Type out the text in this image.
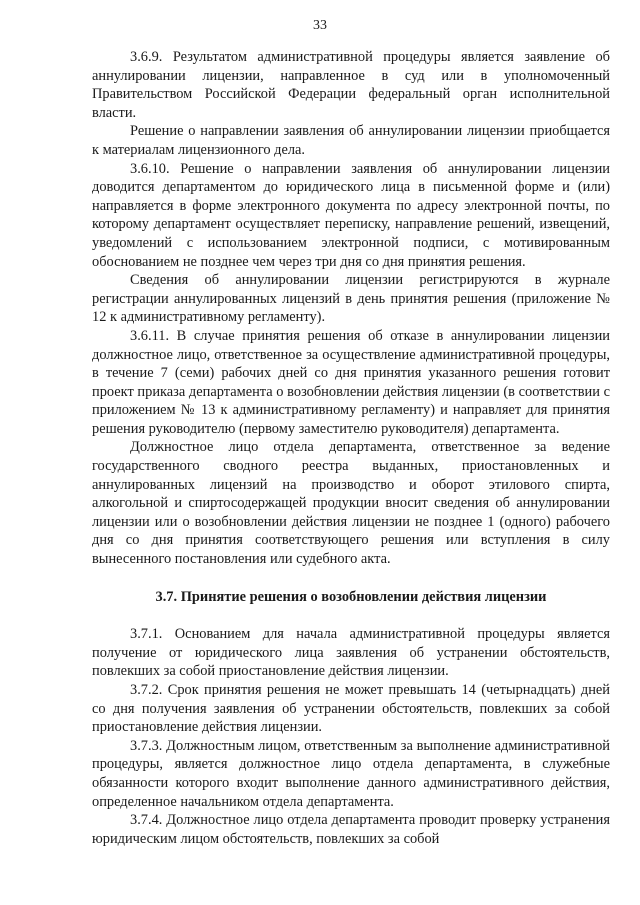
33

3.6.9. Результатом административной процедуры является заявление об аннулировании лицензии, направленное в суд или в уполномоченный Правительством Российской Федерации федеральный орган исполнительной власти.

Решение о направлении заявления об аннулировании лицензии приобщается к материалам лицензионного дела.

3.6.10. Решение о направлении заявления об аннулировании лицензии доводится департаментом до юридического лица в письменной форме и (или) направляется в форме электронного документа по адресу электронной почты, по которому департамент осуществляет переписку, направление решений, извещений, уведомлений с использованием электронной подписи, с мотивированным обоснованием не позднее чем через три дня со дня принятия решения.

Сведения об аннулировании лицензии регистрируются в журнале регистрации аннулированных лицензий в день принятия решения (приложение № 12 к административному регламенту).

3.6.11. В случае принятия решения об отказе в аннулировании лицензии должностное лицо, ответственное за осуществление административной процедуры, в течение 7 (семи) рабочих дней со дня принятия указанного решения готовит проект приказа департамента о возобновлении действия лицензии (в соответствии с приложением № 13 к административному регламенту) и направляет для принятия решения руководителю (первому заместителю руководителя) департамента.

Должностное лицо отдела департамента, ответственное за ведение государственного сводного реестра выданных, приостановленных и аннулированных лицензий на производство и оборот этилового спирта, алкогольной и спиртосодержащей продукции вносит сведения об аннулировании лицензии или о возобновлении действия лицензии не позднее 1 (одного) рабочего дня со дня принятия соответствующего решения или вступления в силу вынесенного постановления или судебного акта.

3.7. Принятие решения о возобновлении действия лицензии

3.7.1. Основанием для начала административной процедуры является получение от юридического лица заявления об устранении обстоятельств, повлекших за собой приостановление действия лицензии.

3.7.2. Срок принятия решения не может превышать 14 (четырнадцать) дней со дня получения заявления об устранении обстоятельств, повлекших за собой приостановление действия лицензии.

3.7.3. Должностным лицом, ответственным за выполнение административной процедуры, является должностное лицо отдела департамента, в служебные обязанности которого входит выполнение данного административного действия, определенное начальником отдела департамента.

3.7.4. Должностное лицо отдела департамента проводит проверку устранения юридическим лицом обстоятельств, повлекших за собой
